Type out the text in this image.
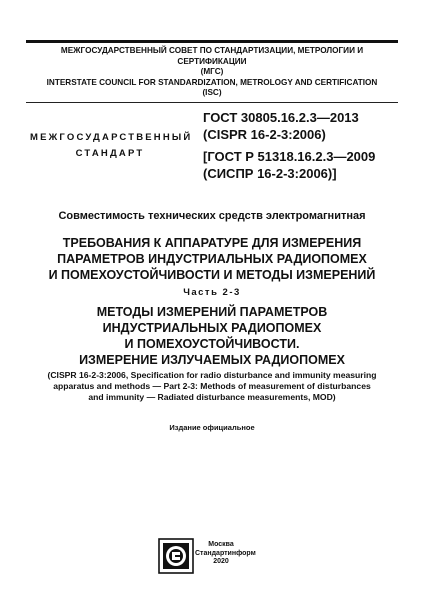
МЕЖГОСУДАРСТВЕННЫЙ СОВЕТ ПО СТАНДАРТИЗАЦИИ, МЕТРОЛОГИИ И СЕРТИФИКАЦИИ
(МГС)
INTERSTATE COUNCIL FOR STANDARDIZATION, METROLOGY AND CERTIFICATION
(ISC)
МЕЖГОСУДАРСТВЕННЫЙ
СТАНДАРТ
ГОСТ 30805.16.2.3—2013
(CISPR 16-2-3:2006)
[ГОСТ Р 51318.16.2.3—2009
(СИСПР 16-2-3:2006)]
Совместимость технических средств электромагнитная
ТРЕБОВАНИЯ К АППАРАТУРЕ ДЛЯ ИЗМЕРЕНИЯ
ПАРАМЕТРОВ ИНДУСТРИАЛЬНЫХ РАДИОПОМЕХ
И ПОМЕХОУСТОЙЧИВОСТИ И МЕТОДЫ ИЗМЕРЕНИЙ
Часть 2-3
МЕТОДЫ ИЗМЕРЕНИЙ ПАРАМЕТРОВ
ИНДУСТРИАЛЬНЫХ РАДИОПОМЕХ
И ПОМЕХОУСТОЙЧИВОСТИ.
ИЗМЕРЕНИЕ ИЗЛУЧАЕМЫХ РАДИОПОМЕХ
(CISPR 16-2-3:2006, Specification for radio disturbance and immunity measuring
apparatus and methods — Part 2-3: Methods of measurement of disturbances
and immunity — Radiated disturbance measurements, MOD)
Издание официальное
Москва
Стандартинформ
2020
